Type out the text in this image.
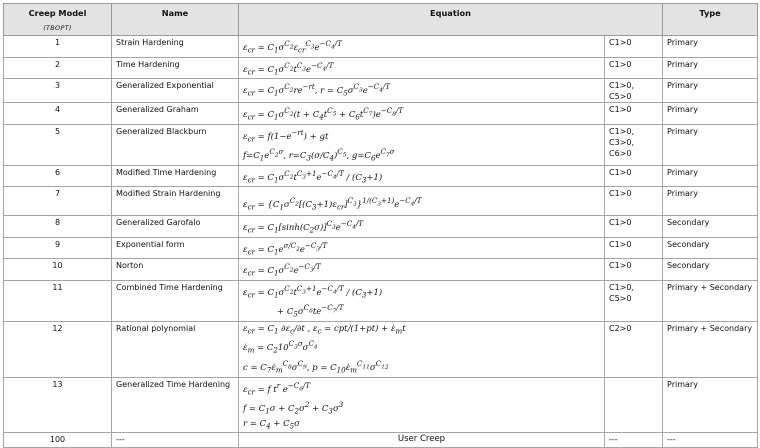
Creep Model
(TBOPT)	Name	Equation		Type
1	Strain Hardening	$\varepsilon_{cr} = C_1\sigma^{C_2}\varepsilon_{cr}^{C_3}e^{-C_4/T}$	C1>0	Primary
2	Time Hardening	$\varepsilon_{cr} = C_1\sigma^{C_2}t^{C_3}e^{-C_4/T}$	C1>0	Primary
3	Generalized Exponential	$\varepsilon_{cr} = C_1\sigma^{C_2}re^{-rt}$, $r = C_5\sigma^{C_3}e^{-C_4/T}$	C1>0, C5>0	Primary
4	Generalized Graham	$\varepsilon_{cr} = C_1\sigma^{C_2}(t + C_4t^{C_5} + C_6t^{C_7})e^{-C_8/T}$	C1>0	Primary
5	Generalized Blackburn	$\varepsilon_{cr} = f(1-e^{-rt})$ + gt
$f=C_1e^{C_2\sigma}$, $r=C_3(\sigma/C_4)^{C_5}$, $g=C_6e^{C_7\sigma}$	C1>0, C3>0, C6>0	Primary
6	Modified Time Hardening	$\varepsilon_{cr} = C_1\sigma^{C_2}t^{C_3+1}e^{-C_4/T} / (C_3+1)$	C1>0	Primary
7	Modified Strain Hardening	$\varepsilon_{cr} = \{C_1\sigma^{C_2}[(C_3+1)\varepsilon_{cr}]^{C_3}\}^{1/(C_3+1)}e^{-C_4/T}$	C1>0	Primary
8	Generalized Garofalo	$\varepsilon_{cr} = C_1[\sinh(C_2\sigma)]^{C_3}e^{-C_4/T}$	C1>0	Secondary
9	Exponential form	$\varepsilon_{cr} = C_1e^{\sigma/C_2}e^{-C_3/T}$	C1>0	Secondary
10	Norton	$\varepsilon_{cr} = C_1\sigma^{C_2}e^{-C_3/T}$	C1>0	Secondary
11	Combined Time Hardening	$\varepsilon_{cr} = C_1\sigma^{C_2}t^{C_3+1}e^{-C_4/T} / (C_3+1)$
+ $C_5\sigma^{C_6}te^{-C_7/T}$	C1>0, C5>0	Primary + Secondary
12	Rational polynomial	$\varepsilon_{cr} = C_1$ $\partial\varepsilon_c/\partial t$ , $\varepsilon_c = cpt/(1+pt)$ + $\varepsiloṅ_mt$
$\varepsiloṅ_m = C_210^{C_3\sigma}\sigma^{C_4}$
$c = C_7\varepsiloṅ_m^{C_8}\sigma^{C_9}$, $p = C_{10}\varepsiloṅ_m^{C_{11}}\sigma^{C_{12}}$	C2>0	Primary + Secondary
13	Generalized Time Hardening	$\varepsilon_{cr} = f$ $t^r$ $e^{-C_6/T}$
$f = C_1\sigma + C_2\sigma^2 + C_3\sigma^3$
$r = C_4 + C_5\sigma$		Primary
100	---	User Creep	---	---
